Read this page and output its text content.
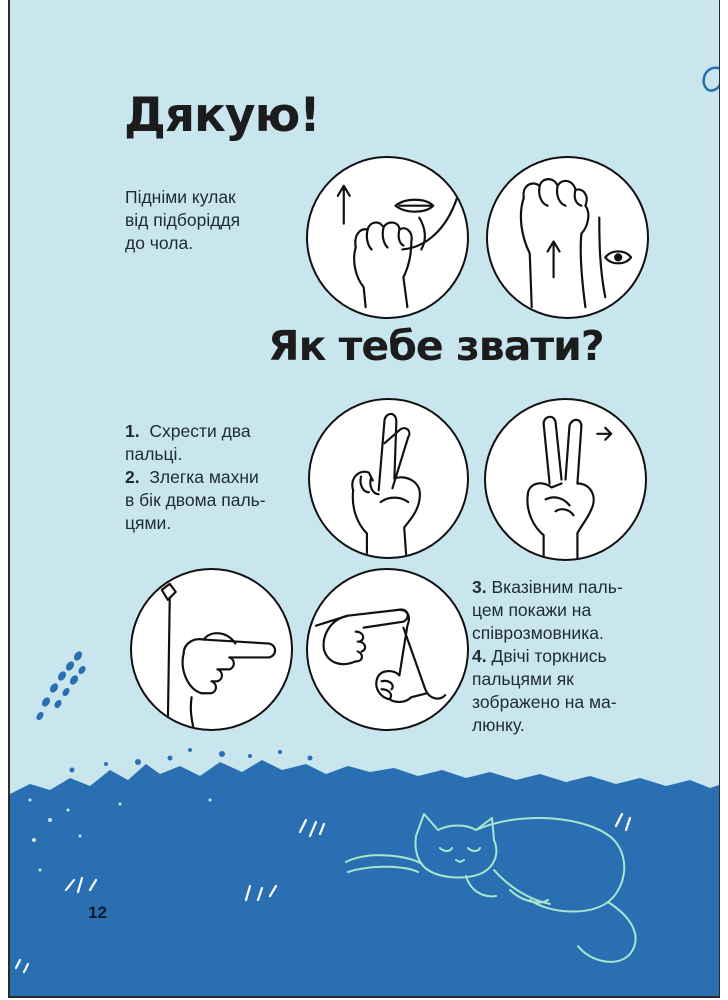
Дякую!

Підніми кулак

від підборіддя

до чола.

Як тебе звати?

1. Схрести два

пальці.

2. Злегка махни

в бік двома паль-

цями.

3. Вказівним паль-

цем покажи на

співрозмовника.

4. Двічі торкнись

пальцями як

зображено на ма-

люнку.

12
